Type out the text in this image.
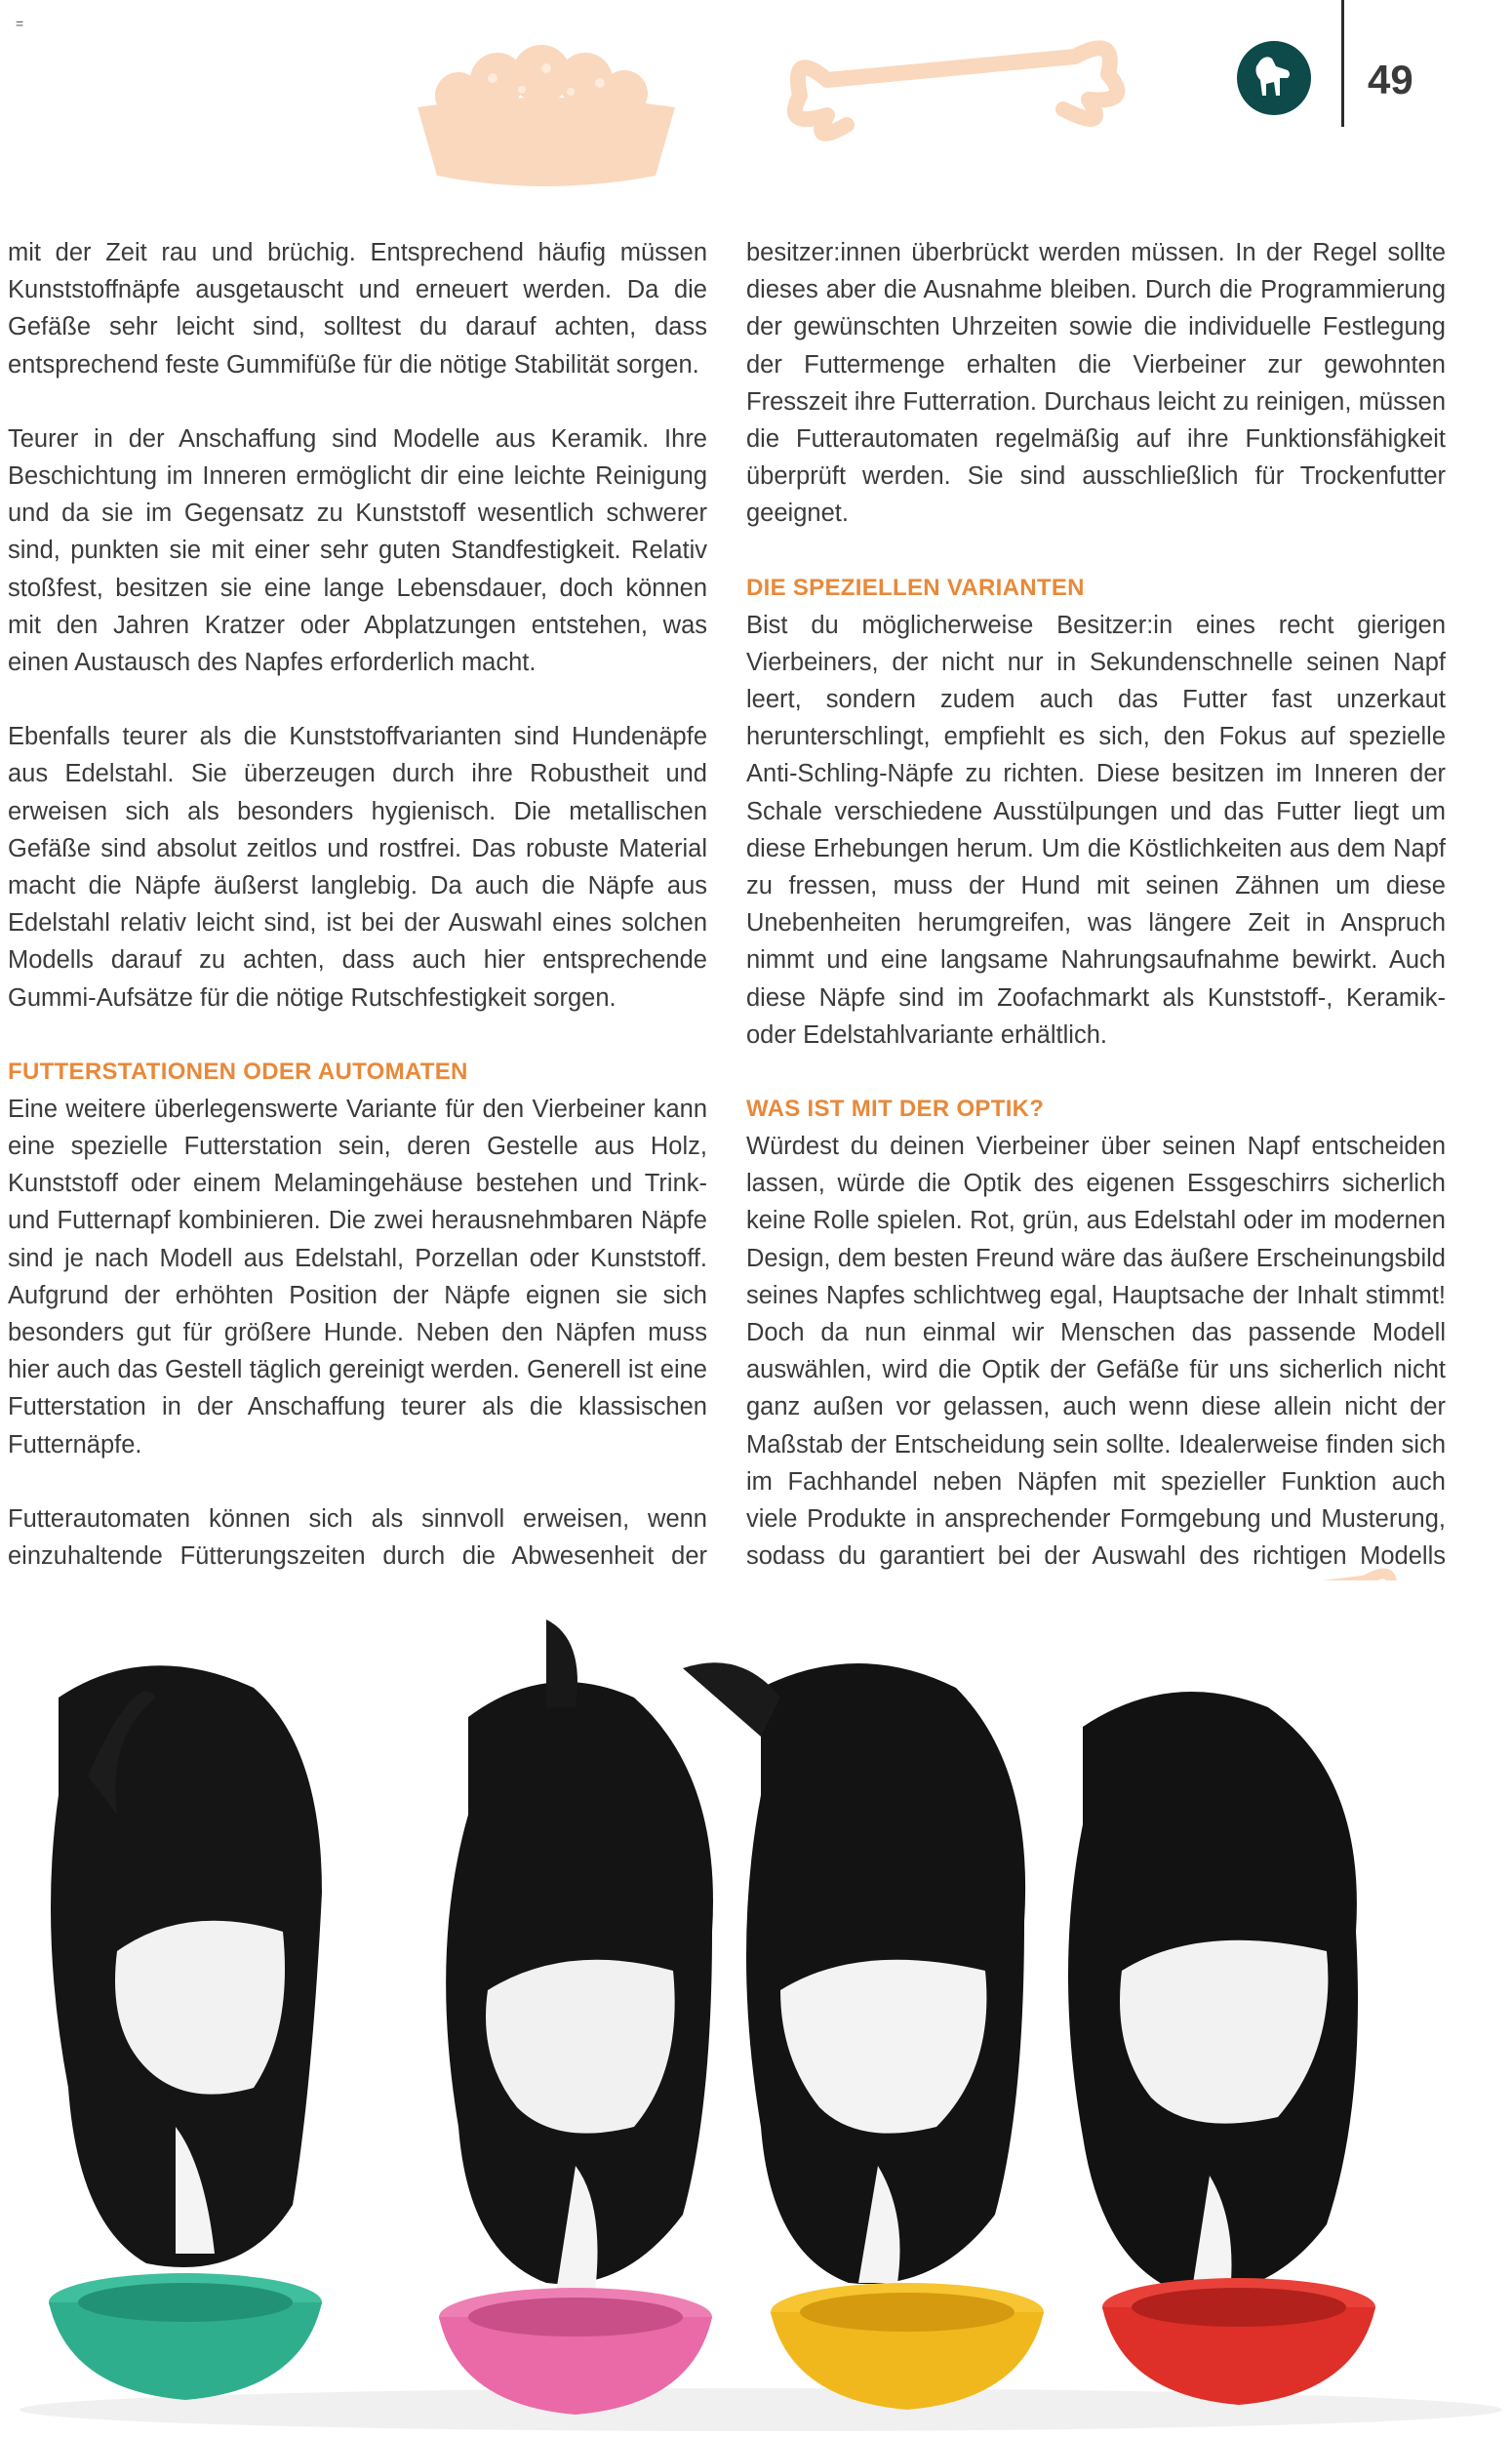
=
49

mit der Zeit rau und brüchig. Entsprechend häufig müssen Kunststoffnäpfe ausgetauscht und erneuert werden. Da die Gefäße sehr leicht sind, solltest du darauf achten, dass entsprechend feste Gummifüße für die nötige Stabilität sorgen.

Teurer in der Anschaffung sind Modelle aus Keramik. Ihre Beschichtung im Inneren ermöglicht dir eine leichte Reinigung und da sie im Gegensatz zu Kunststoff wesentlich schwerer sind, punkten sie mit einer sehr guten Standfestigkeit. Relativ stoßfest, besitzen sie eine lange Lebensdauer, doch können mit den Jahren Kratzer oder Abplatzungen entstehen, was einen Austausch des Napfes erforderlich macht.

Ebenfalls teurer als die Kunststoffvarianten sind Hundenäpfe aus Edelstahl. Sie überzeugen durch ihre Robustheit und erweisen sich als besonders hygienisch. Die metallischen Gefäße sind absolut zeitlos und rostfrei. Das robuste Material macht die Näpfe äußerst langlebig. Da auch die Näpfe aus Edelstahl relativ leicht sind, ist bei der Auswahl eines solchen Modells darauf zu achten, dass auch hier entsprechende Gummi-Aufsätze für die nötige Rutschfestigkeit sorgen.

FUTTERSTATIONEN ODER AUTOMATEN

Eine weitere überlegenswerte Variante für den Vierbeiner kann eine spezielle Futterstation sein, deren Gestelle aus Holz, Kunststoff oder einem Melamingehäuse bestehen und Trink- und Futternapf kombinieren. Die zwei herausnehmbaren Näpfe sind je nach Modell aus Edelstahl, Porzellan oder Kunststoff. Aufgrund der erhöhten Position der Näpfe eignen sie sich besonders gut für größere Hunde. Neben den Näpfen muss hier auch das Gestell täglich gereinigt werden. Generell ist eine Futterstation in der Anschaffung teurer als die klassischen Futternäpfe.

Futterautomaten können sich als sinnvoll erweisen, wenn einzuhaltende Fütterungszeiten durch die Abwesenheit der

besitzer:innen überbrückt werden müssen. In der Regel sollte dieses aber die Ausnahme bleiben. Durch die Programmierung der gewünschten Uhrzeiten sowie die individuelle Festlegung der Futtermenge erhalten die Vierbeiner zur gewohnten Fresszeit ihre Futterration. Durchaus leicht zu reinigen, müssen die Futterautomaten regelmäßig auf ihre Funktionsfähigkeit überprüft werden. Sie sind ausschließlich für Trockenfutter geeignet.

DIE SPEZIELLEN VARIANTEN

Bist du möglicherweise Besitzer:in eines recht gierigen Vierbeiners, der nicht nur in Sekundenschnelle seinen Napf leert, sondern zudem auch das Futter fast unzerkaut herunterschlingt, empfiehlt es sich, den Fokus auf spezielle Anti-Schling-Näpfe zu richten. Diese besitzen im Inneren der Schale verschiedene Ausstülpungen und das Futter liegt um diese Erhebungen herum. Um die Köstlichkeiten aus dem Napf zu fressen, muss der Hund mit seinen Zähnen um diese Unebenheiten herumgreifen, was längere Zeit in Anspruch nimmt und eine langsame Nahrungsaufnahme bewirkt. Auch diese Näpfe sind im Zoofachmarkt als Kunststoff-, Keramik- oder Edelstahlvariante erhältlich.

WAS IST MIT DER OPTIK?

Würdest du deinen Vierbeiner über seinen Napf entscheiden lassen, würde die Optik des eigenen Essgeschirrs sicherlich keine Rolle spielen. Rot, grün, aus Edelstahl oder im modernen Design, dem besten Freund wäre das äußere Erscheinungsbild seines Napfes schlichtweg egal, Hauptsache der Inhalt stimmt! Doch da nun einmal wir Menschen das passende Modell auswählen, wird die Optik der Gefäße für uns sicherlich nicht ganz außen vor gelassen, auch wenn diese allein nicht der Maßstab der Entscheidung sein sollte. Idealerweise finden sich im Fachhandel neben Näpfen mit spezieller Funktion auch viele Produkte in ansprechender Formgebung und Musterung, sodass du garantiert bei der Auswahl des richtigen Modells
